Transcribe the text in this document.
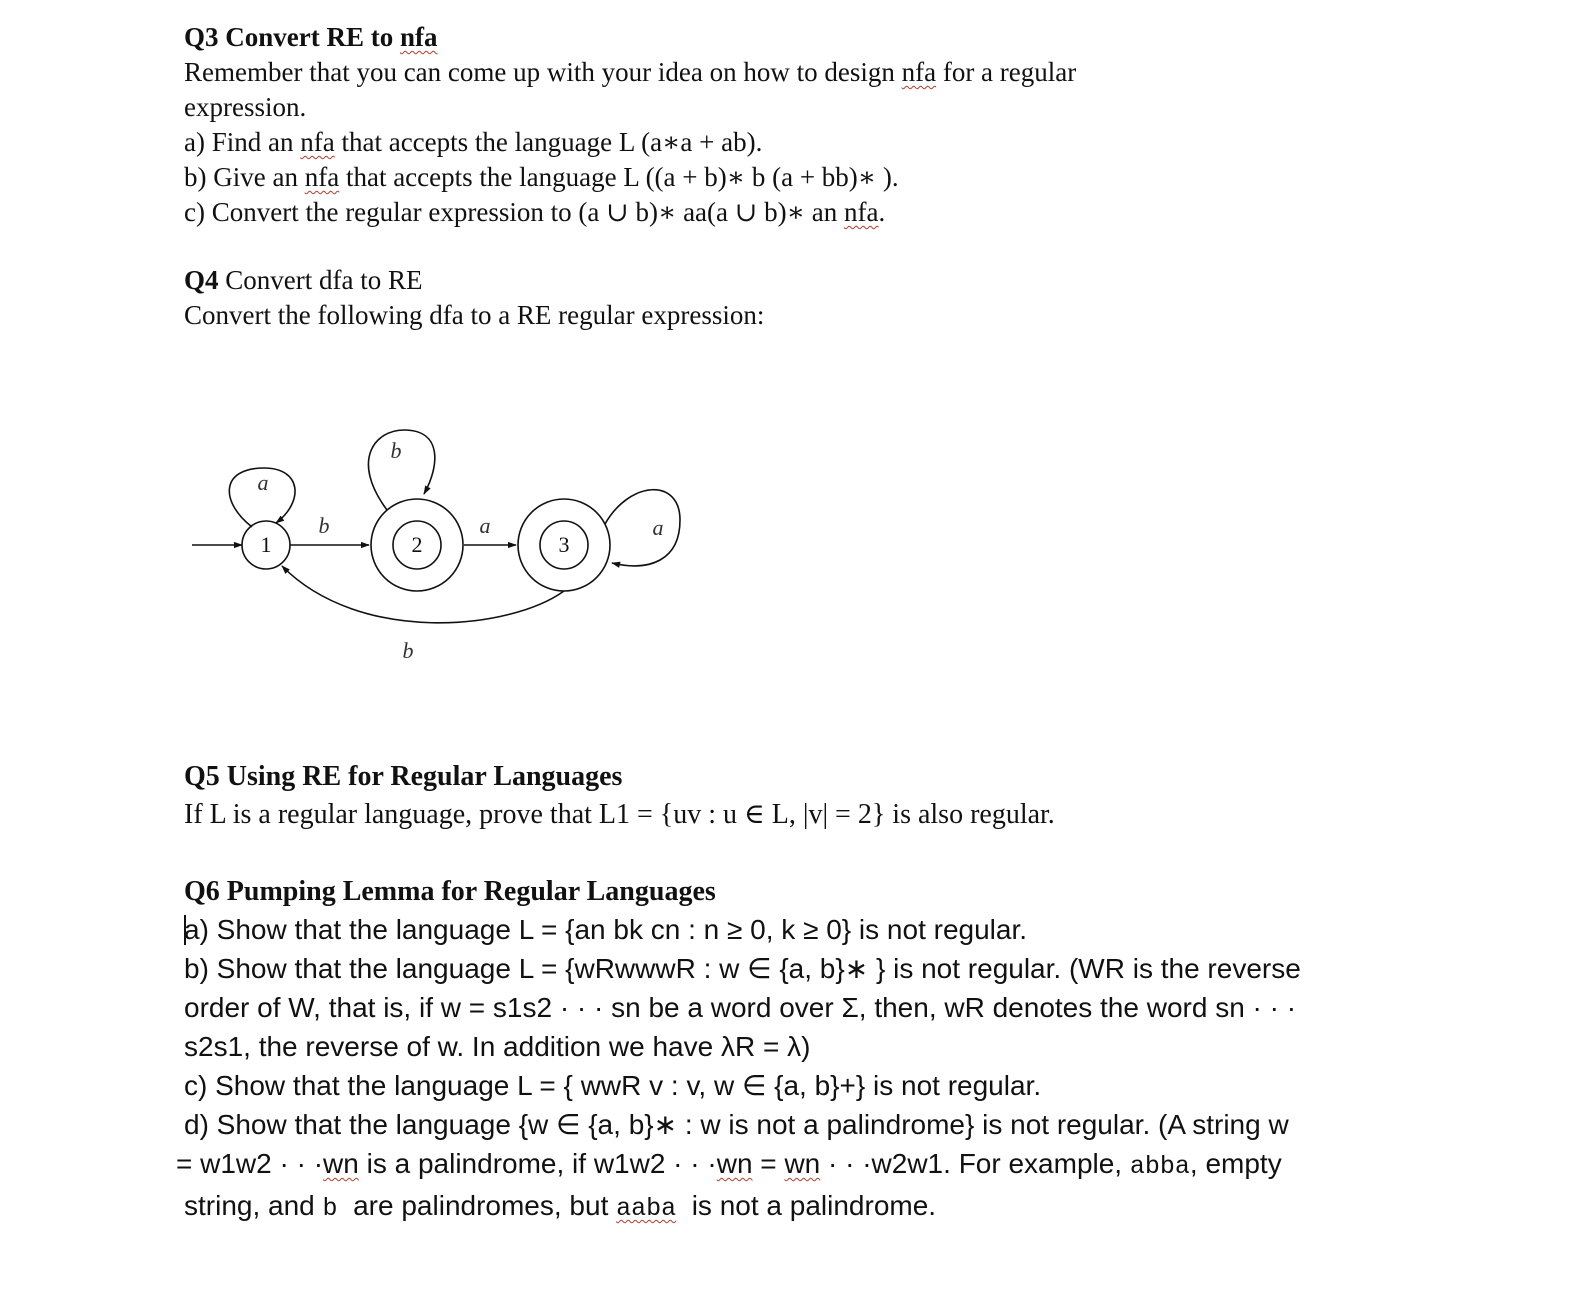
Q3 Convert RE to nfa
Remember that you can come up with your idea on how to design nfa for a regular
expression.
a) Find an nfa that accepts the language L (a∗a + ab).
b) Give an nfa that accepts the language L ((a + b)∗ b (a + bb)∗ ).
c) Convert the regular expression to (a ∪ b)∗ aa(a ∪ b)∗ an nfa.
Q4 Convert dfa to RE
Convert the following dfa to a RE regular expression:
1	2	3
a
b
b
a	a
b
Q5 Using RE for Regular Languages
If L is a regular language, prove that L1 = {uv : u ∈ L, |v| = 2} is also regular.
Q6 Pumping Lemma for Regular Languages
a) Show that the language L = {an bk cn : n ≥ 0, k ≥ 0} is not regular.
b) Show that the language L = {wRwwwR : w ∈ {a, b}∗ } is not regular. (WR is the reverse
order of W, that is, if w = s1s2 · · · sn be a word over Σ, then, wR denotes the word sn · · ·
s2s1, the reverse of w. In addition we have λR = λ)
c) Show that the language L = { wwR v : v, w ∈ {a, b}+} is not regular.
d) Show that the language {w ∈ {a, b}∗ : w is not a palindrome} is not regular. (A string w
= w1w2 · · ·wn is a palindrome, if w1w2 · · ·wn = wn · · ·w2w1. For example, abba, empty
string, and b  are palindromes, but aaba  is not a palindrome.
